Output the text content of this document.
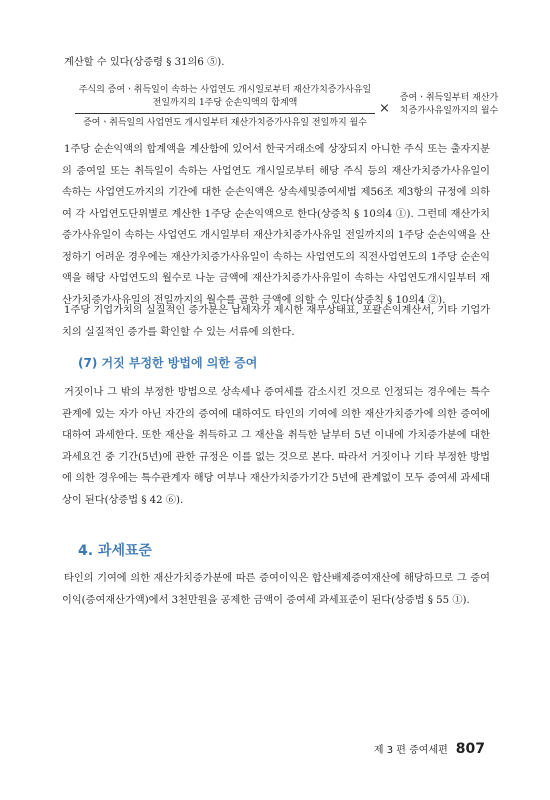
계산할 수 있다(상증령 § 31의6 ⑤).

주식의 증여ㆍ취득일이 속하는 사업연도 개시일로부터 재산가치증가사유일 전일까지의 1주당 순손익액의 합계액
증여ㆍ취득일의 사업연도 개시일부터 재산가치증가사유일 전일까지 월수
×
증여ㆍ취득일부터 재산가치증가사유일까지의 월수

1주당 순손익액의 합계액을 계산함에 있어서 한국거래소에 상장되지 아니한 주식 또는 출자지분의 증여일 또는 취득일이 속하는 사업연도 개시일로부터 해당 주식 등의 재산가치증가사유일이 속하는 사업연도까지의 기간에 대한 순손익액은 상속세및증여세법 제56조 제3항의 규정에 의하여 각 사업연도단위별로 계산한 1주당 순손익액으로 한다(상증칙 § 10의4 ①). 그런데 재산가치증가사유일이 속하는 사업연도 개시일부터 재산가치증가사유일 전일까지의 1주당 순손익액을 산정하기 어려운 경우에는 재산가치증가사유일이 속하는 사업연도의 직전사업연도의 1주당 순손익액을 해당 사업연도의 월수로 나눈 금액에 재산가치증가사유일이 속하는 사업연도개시일부터 재산가치증가사유일의 전일까지의 월수를 곱한 금액에 의할 수 있다(상증칙 § 10의4 ②).

1주당 기업가치의 실질적인 증가분은 납세자가 제시한 재무상태표, 포괄손익계산서, 기타 기업가치의 실질적인 증가를 확인할 수 있는 서류에 의한다.

(7) 거짓 부정한 방법에 의한 증여

거짓이나 그 밖의 부정한 방법으로 상속세나 증여세를 감소시킨 것으로 인정되는 경우에는 특수관계에 있는 자가 아닌 자간의 증여에 대하여도 타인의 기여에 의한 재산가치증가에 의한 증여에 대하여 과세한다. 또한 재산을 취득하고 그 재산을 취득한 날부터 5년 이내에 가치증가분에 대한 과세요건 중 기간(5년)에 관한 규정은 이를 없는 것으로 본다. 따라서 거짓이나 기타 부정한 방법에 의한 경우에는 특수관계자 해당 여부나 재산가치증가기간 5년에 관계없이 모두 증여세 과세대상이 된다(상증법 § 42 ⑥).

4. 과세표준

타인의 기여에 의한 재산가치증가분에 따른 증여이익은 합산배제증여재산에 해당하므로 그 증여이익(증여재산가액)에서 3천만원을 공제한 금액이 증여세 과세표준이 된다(상증법 § 55 ①).

제 3 편 증여세편 807
